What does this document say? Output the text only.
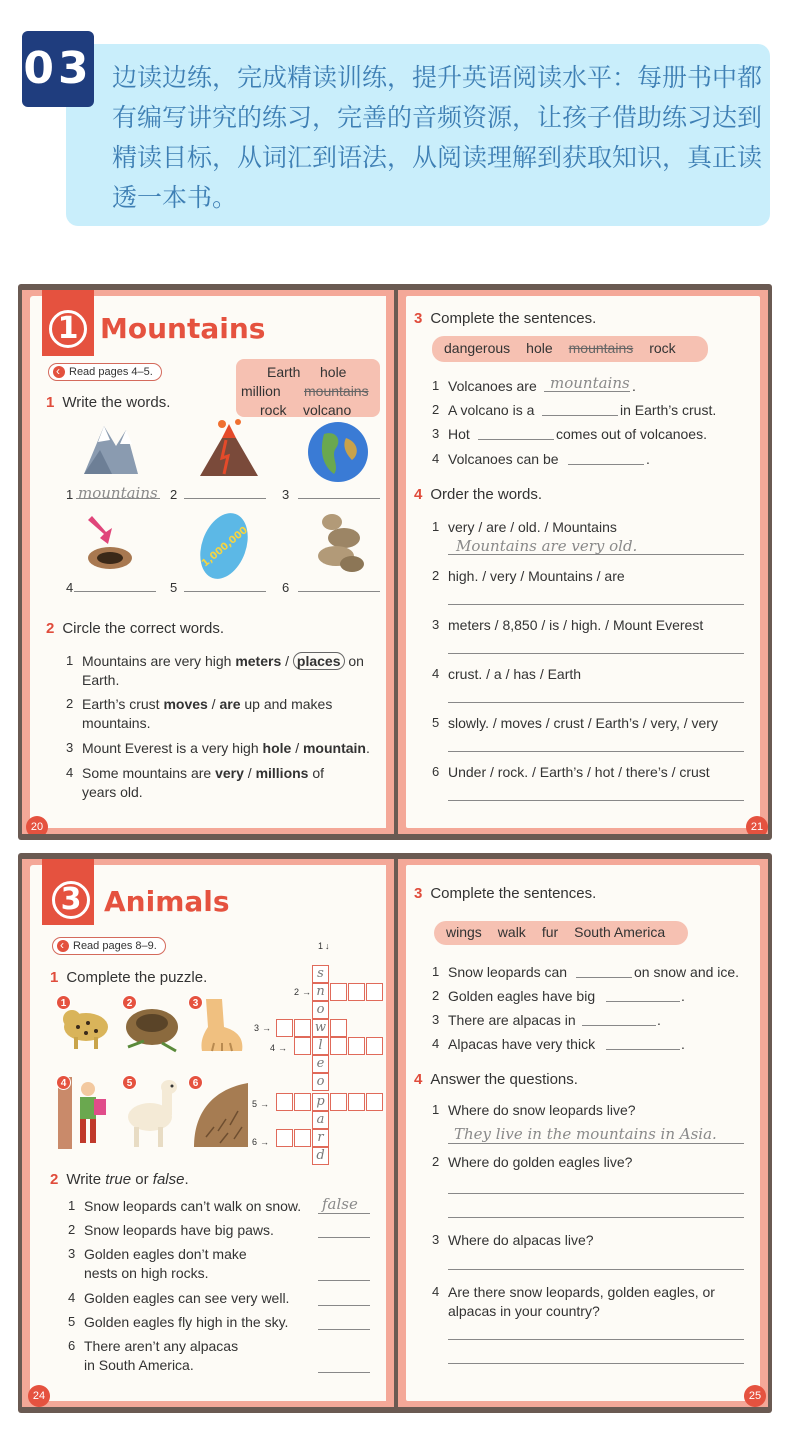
03 边读边练，完成精读训练，提升英语阅读水平：每册书中都有编写讲究的练习，完善的音频资源，让孩子借助练习达到精读目标，从词汇到语法，从阅读理解到获取知识，真正读透一本书。
1 Mountains
Read pages 4–5. ‹	Earth hole
million mountains
rock volcano
1 Write the words.
1 mountains 2	3
1,000,000
4	5	6
2 Circle the correct words.
1 Mountains are very high meters / places on
Earth.
2 Earth’s crust moves / are up and makes
mountains.
3 Mount Everest is a very high hole / mountain.
4 Some mountains are very / millions of
years old.
20
3 Complete the sentences.
dangerous hole mountains rock
1 Volcanoes are mountains .
2 A volcano is a	in Earth’s crust.
3 Hot	comes out of volcanoes.
4 Volcanoes can be	.
4 Order the words.
1 very / are / old. / Mountains
Mountains are very old.
2 high. / very / Mountains / are
3 meters / 8,850 / is / high. / Mount Everest
4 crust. / a / has / Earth
5 slowly. / moves / crust / Earth’s / very, / very
6 Under / rock. / Earth’s / hot / there’s / crust
21
3 Animals
Read pages 8–9. ‹
1 Complete the puzzle.
1	2	3
4	5	6
1 ↓
2 →
3 →
4 →
5 →
6 →
s
n
o
w
l
e
o
p
a
r
d
2 Write true or false.
1 Snow leopards can’t walk on snow. false
2 Snow leopards have big paws.
3 Golden eagles don’t make
nests on high rocks.
4 Golden eagles can see very well.
5 Golden eagles fly high in the sky.
6 There aren’t any alpacas
in South America.
24
3 Complete the sentences.
wings walk fur South America
1 Snow leopards can	on snow and ice.
2 Golden eagles have big	.
3 There are alpacas in	.
4 Alpacas have very thick	.
4 Answer the questions.
1 Where do snow leopards live?
They live in the mountains in Asia.
2 Where do golden eagles live?
3 Where do alpacas live?
4 Are there snow leopards, golden eagles, or
alpacas in your country?
25
